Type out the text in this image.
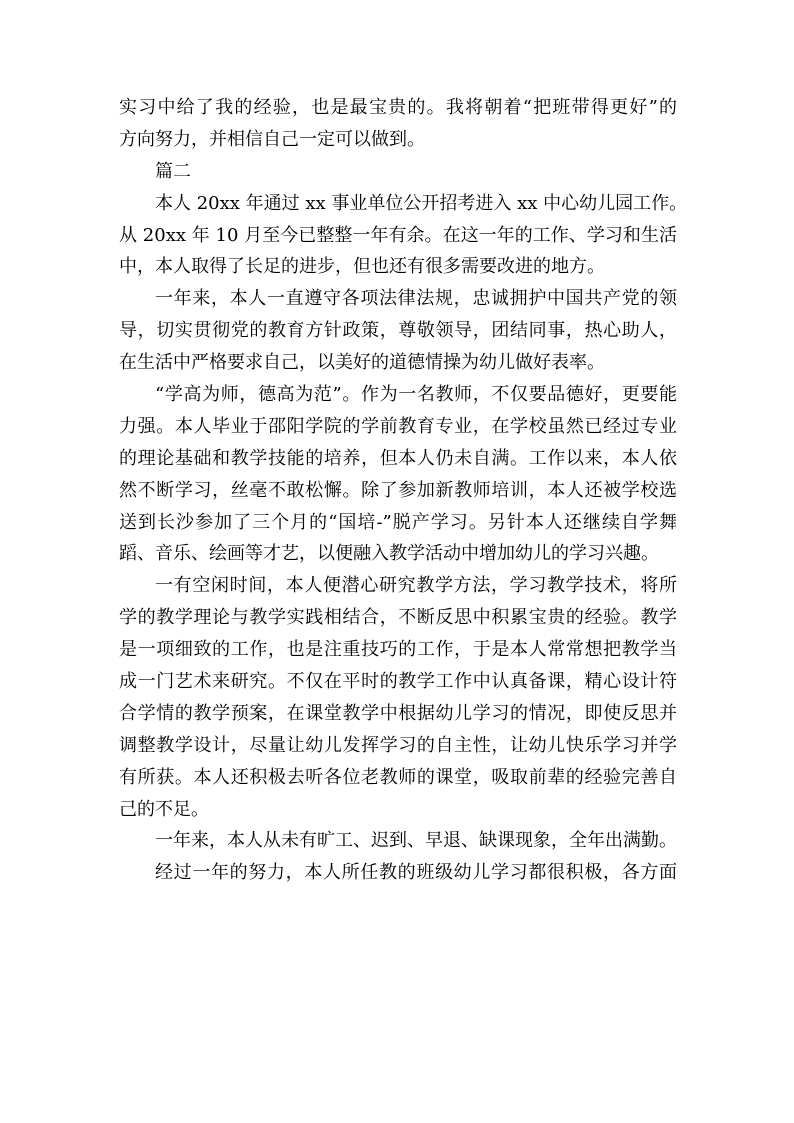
实习中给了我的经验，也是最宝贵的。我将朝着“把班带得更好”的
方向努力，并相信自己一定可以做到。
篇二
本人 20xx 年通过 xx 事业单位公开招考进入 xx 中心幼儿园工作。
从 20xx 年 10 月至今已整整一年有余。在这一年的工作、学习和生活
中，本人取得了长足的进步，但也还有很多需要改进的地方。
一年来，本人一直遵守各项法律法规，忠诚拥护中国共产党的领
导，切实贯彻党的教育方针政策，尊敬领导，团结同事，热心助人，
在生活中严格要求自己，以美好的道德情操为幼儿做好表率。
“学高为师，德高为范”。作为一名教师，不仅要品德好，更要能
力强。本人毕业于邵阳学院的学前教育专业，在学校虽然已经过专业
的理论基础和教学技能的培养，但本人仍未自满。工作以来，本人依
然不断学习，丝毫不敢松懈。除了参加新教师培训，本人还被学校选
送到长沙参加了三个月的“国培-”脱产学习。另针本人还继续自学舞
蹈、音乐、绘画等才艺，以便融入教学活动中增加幼儿的学习兴趣。
一有空闲时间，本人便潜心研究教学方法，学习教学技术，将所
学的教学理论与教学实践相结合，不断反思中积累宝贵的经验。教学
是一项细致的工作，也是注重技巧的工作，于是本人常常想把教学当
成一门艺术来研究。不仅在平时的教学工作中认真备课，精心设计符
合学情的教学预案，在课堂教学中根据幼儿学习的情况，即使反思并
调整教学设计，尽量让幼儿发挥学习的自主性，让幼儿快乐学习并学
有所获。本人还积极去听各位老教师的课堂，吸取前辈的经验完善自
己的不足。
一年来，本人从未有旷工、迟到、早退、缺课现象，全年出满勤。
经过一年的努力，本人所任教的班级幼儿学习都很积极，各方面
